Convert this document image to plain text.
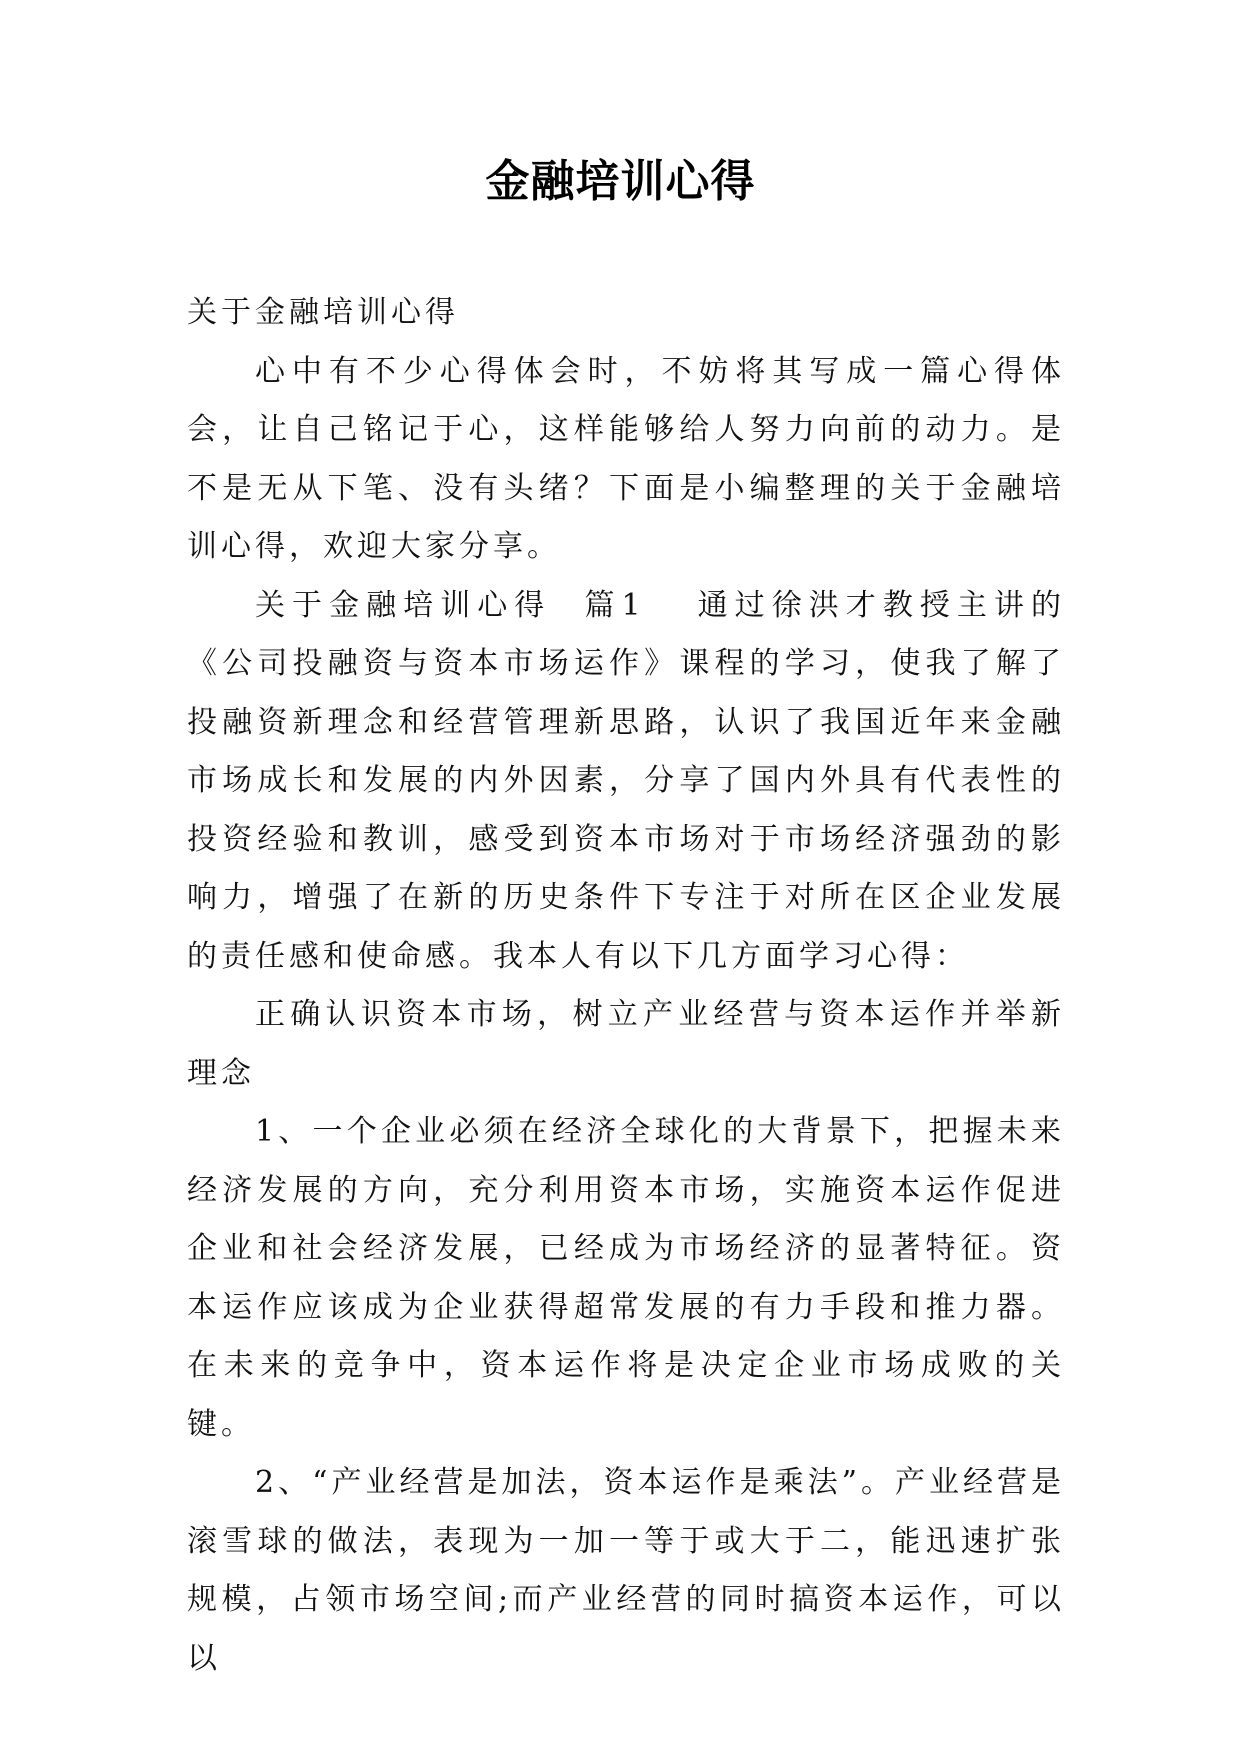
金融培训心得

关于金融培训心得

心中有不少心得体会时，不妨将其写成一篇心得体会，让自己铭记于心，这样能够给人努力向前的动力。是不是无从下笔、没有头绪？下面是小编整理的关于金融培训心得，欢迎大家分享。

关于金融培训心得  篇1 通过徐洪才教授主讲的《公司投融资与资本市场运作》课程的学习，使我了解了投融资新理念和经营管理新思路，认识了我国近年来金融市场成长和发展的内外因素，分享了国内外具有代表性的投资经验和教训，感受到资本市场对于市场经济强劲的影响力，增强了在新的历史条件下专注于对所在区企业发展的责任感和使命感。我本人有以下几方面学习心得：

正确认识资本市场，树立产业经营与资本运作并举新理念

1、一个企业必须在经济全球化的大背景下，把握未来经济发展的方向，充分利用资本市场，实施资本运作促进企业和社会经济发展，已经成为市场经济的显著特征。资本运作应该成为企业获得超常发展的有力手段和推力器。在未来的竞争中，资本运作将是决定企业市场成败的关键。

2、“产业经营是加法，资本运作是乘法”。产业经营是滚雪球的做法，表现为一加一等于或大于二，能迅速扩张规模，占领市场空间;而产业经营的同时搞资本运作，可以以
